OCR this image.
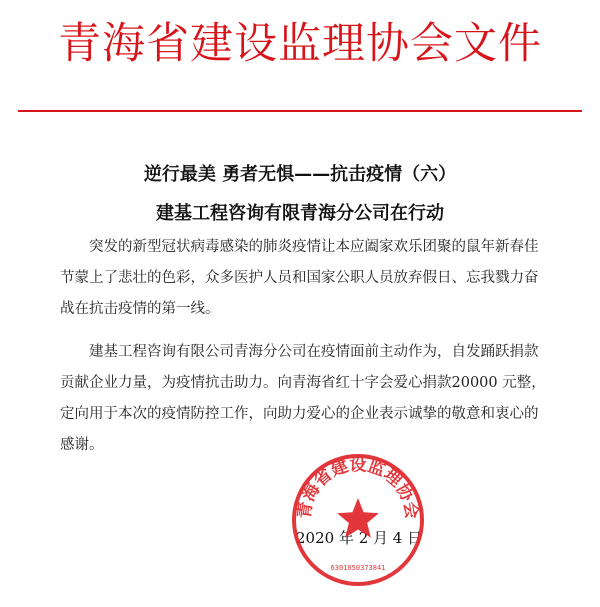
青海省建设监理协会文件
逆行最美 勇者无惧——抗击疫情（六）
建基工程咨询有限青海分公司在行动

突发的新型冠状病毒感染的肺炎疫情让本应阖家欢乐团聚的鼠年新春佳节蒙上了悲壮的色彩，众多医护人员和国家公职人员放弃假日、忘我戮力奋战在抗击疫情的第一线。

建基工程咨询有限公司青海分公司在疫情面前主动作为，自发踊跃捐款贡献企业力量，为疫情抗击助力。向青海省红十字会爱心捐款20000 元整，定向用于本次的疫情防控工作，向助力爱心的企业表示诚挚的敬意和衷心的感谢。

2020 年 2 月 4 日
青海省建设监理协会
6301050373841
